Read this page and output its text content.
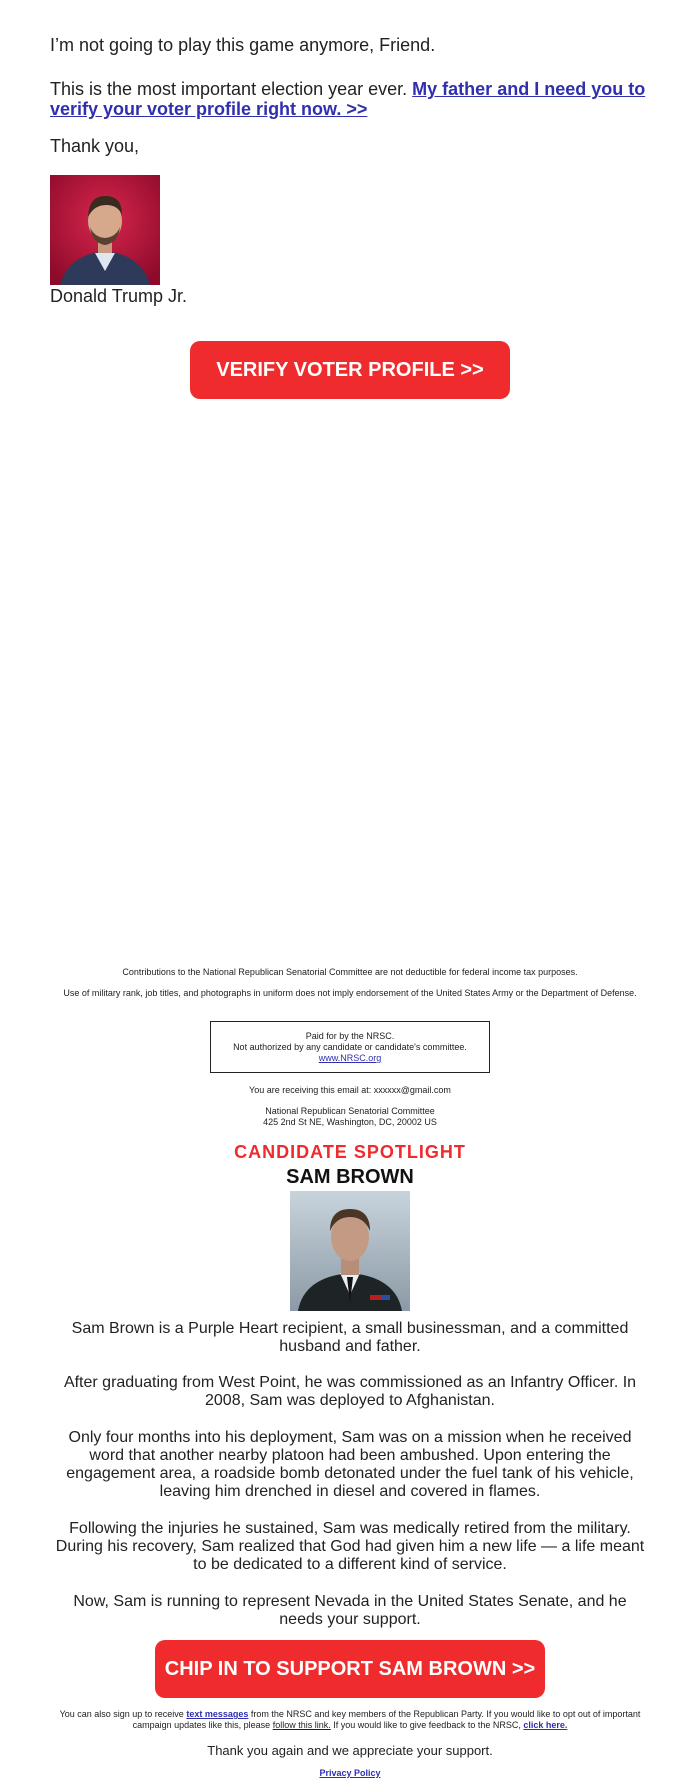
I’m not going to play this game anymore, Friend.

This is the most important election year ever. My father and I need you to verify your voter profile right now. >>

Thank you,

Donald Trump Jr.

VERIFY VOTER PROFILE >>

Contributions to the National Republican Senatorial Committee are not deductible for federal income tax purposes.

Use of military rank, job titles, and photographs in uniform does not imply endorsement of the United States Army or the Department of Defense.

Paid for by the NRSC.
Not authorized by any candidate or candidate's committee.
www.NRSC.org

You are receiving this email at: xxxxxx@gmail.com

National Republican Senatorial Committee

425 2nd St NE, Washington, DC, 20002 US

CANDIDATE SPOTLIGHT

SAM BROWN

Sam Brown is a Purple Heart recipient, a small businessman, and a committed husband and father.

After graduating from West Point, he was commissioned as an Infantry Officer. In 2008, Sam was deployed to Afghanistan.

Only four months into his deployment, Sam was on a mission when he received word that another nearby platoon had been ambushed. Upon entering the engagement area, a roadside bomb detonated under the fuel tank of his vehicle, leaving him drenched in diesel and covered in flames.

Following the injuries he sustained, Sam was medically retired from the military. During his recovery, Sam realized that God had given him a new life — a life meant to be dedicated to a different kind of service.

Now, Sam is running to represent Nevada in the United States Senate, and he needs your support.

CHIP IN TO SUPPORT SAM BROWN >>

You can also sign up to receive text messages from the NRSC and key members of the Republican Party. If you would like to opt out of important campaign updates like this, please follow this link. If you would like to give feedback to the NRSC, click here.

Thank you again and we appreciate your support.

Privacy Policy
